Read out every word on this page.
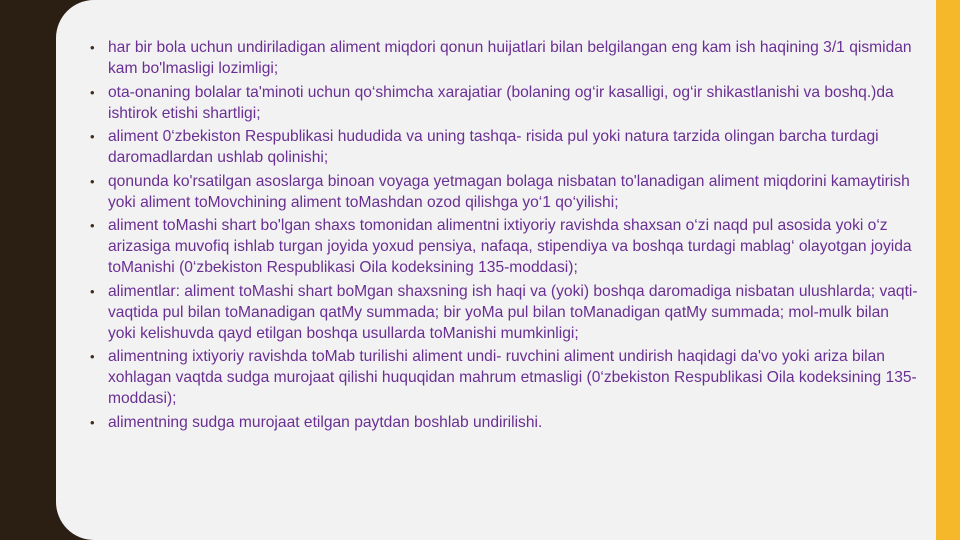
• har bir bola uchun undiriladigan aliment miqdori qonun huijatlari bilan belgilangan eng kam ish haqining 3/1 qismidan kam bo'lmasligi lozimligi;
• ota-onaning bolalar ta'minoti uchun qo‘shimcha xarajatiar (bolaning og‘ir kasalligi, og‘ir shikastlanishi va boshq.)da ishtirok etishi shartligi;
• aliment 0‘zbekiston Respublikasi hududida va uning tashqa- risida pul yoki natura tarzida olingan barcha turdagi daromadlardan ushlab qolinishi;
• qonunda ko'rsatilgan asoslarga binoan voyaga yetmagan bolaga nisbatan to'lanadigan aliment miqdorini kamaytirish yoki aliment toMovchining aliment toMashdan ozod qilishga yo‘1 qo‘yilishi;
• aliment toMashi shart bo'lgan shaxs tomonidan alimentni ixtiyoriy ravishda shaxsan o‘zi naqd pul asosida yoki o‘z arizasiga muvofiq ishlab turgan joyida yoxud pensiya, nafaqa, stipendiya va boshqa turdagi mablag‘ olayotgan joyida toManishi (0‘zbekiston Respublikasi Oila kodeksining 135-moddasi);
• alimentlar: aliment toMashi shart boMgan shaxsning ish haqi va (yoki) boshqa daromadiga nisbatan ulushlarda; vaqti-vaqtida pul bilan toManadigan qatMy summada; bir yoMa pul bilan toManadigan qatMy summada; mol-mulk bilan yoki kelishuvda qayd etilgan boshqa usullarda toManishi mumkinligi;
• alimentning ixtiyoriy ravishda toMab turilishi aliment undi- ruvchini aliment undirish haqidagi da'vo yoki ariza bilan xohlagan vaqtda sudga murojaat qilishi huquqidan mahrum etmasligi (0‘zbekiston Respublikasi Oila kodeksining 135-moddasi);
• alimentning sudga murojaat etilgan paytdan boshlab undirilishi.
